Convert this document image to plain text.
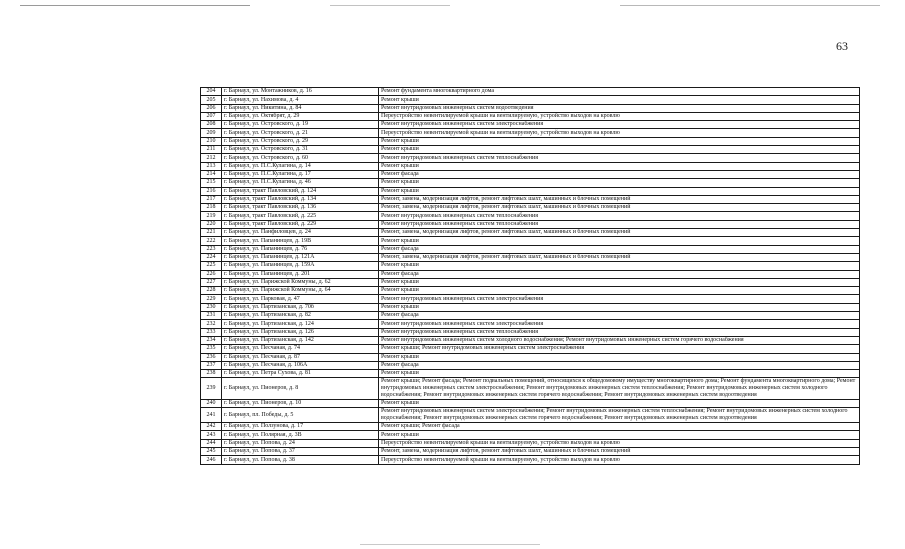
63
204	г. Барнаул, ул. Монтажников, д. 16	Ремонт фундамента многоквартирного дома
205	г. Барнаул, ул. Нахимова, д. 4	Ремонт крыши
206	г. Барнаул, ул. Никитина, д. 84	Ремонт внутридомовых инженерных систем водоотведения
207	г. Барнаул, ул. Октябрят, д. 29	Переустройство невентилируемой крыши на вентилируемую, устройство выходов на кровлю
208	г. Барнаул, ул. Островского, д. 19	Ремонт внутридомовых инженерных систем электроснабжения
209	г. Барнаул, ул. Островского, д. 21	Переустройство невентилируемой крыши на вентилируемую, устройство выходов на кровлю
210	г. Барнаул, ул. Островского, д. 29	Ремонт крыши
211	г. Барнаул, ул. Островского, д. 31	Ремонт крыши
212	г. Барнаул, ул. Островского, д. 60	Ремонт внутридомовых инженерных систем теплоснабжения
213	г. Барнаул, ул. П.С.Кулагина, д. 14	Ремонт крыши
214	г. Барнаул, ул. П.С.Кулагина, д. 17	Ремонт фасада
215	г. Барнаул, ул. П.С.Кулагина, д. 46	Ремонт крыши
216	г. Барнаул, тракт Павловский, д. 124	Ремонт крыши
217	г. Барнаул, тракт Павловский, д. 134	Ремонт, замена, модернизация лифтов, ремонт лифтовых шахт, машинных и блочных помещений
218	г. Барнаул, тракт Павловский, д. 136	Ремонт, замена, модернизация лифтов, ремонт лифтовых шахт, машинных и блочных помещений
219	г. Барнаул, тракт Павловский, д. 225	Ремонт внутридомовых инженерных систем теплоснабжения
220	г. Барнаул, тракт Павловский, д. 229	Ремонт внутридомовых инженерных систем теплоснабжения
221	г. Барнаул, ул. Панфиловцев, д. 24	Ремонт, замена, модернизация лифтов, ремонт лифтовых шахт, машинных и блочных помещений
222	г. Барнаул, ул. Папанинцев, д. 19В	Ремонт крыши
223	г. Барнаул, ул. Папанинцев, д. 76	Ремонт фасада
224	г. Барнаул, ул. Папанинцев, д. 121А	Ремонт, замена, модернизация лифтов, ремонт лифтовых шахт, машинных и блочных помещений
225	г. Барнаул, ул. Папанинцев, д. 159А	Ремонт крыши
226	г. Барнаул, ул. Папанинцев, д. 201	Ремонт фасада
227	г. Барнаул, ул. Парижской Коммуны, д. 62	Ремонт крыши
228	г. Барнаул, ул. Парижской Коммуны, д. 64	Ремонт крыши
229	г. Барнаул, ул. Парковая, д. 47	Ремонт внутридомовых инженерных систем электроснабжения
230	г. Барнаул, ул. Партизанская, д. 70б	Ремонт крыши
231	г. Барнаул, ул. Партизанская, д. 82	Ремонт фасада
232	г. Барнаул, ул. Партизанская, д. 124	Ремонт внутридомовых инженерных систем электроснабжения
233	г. Барнаул, ул. Партизанская, д. 126	Ремонт внутридомовых инженерных систем теплоснабжения
234	г. Барнаул, ул. Партизанская, д. 142	Ремонт внутридомовых инженерных систем холодного водоснабжения; Ремонт внутридомовых инженерных систем горячего водоснабжения
235	г. Барнаул, ул. Песчаная, д. 74	Ремонт крыши; Ремонт внутридомовых инженерных систем электроснабжения
236	г. Барнаул, ул. Песчаная, д. 87	Ремонт крыши
237	г. Барнаул, ул. Песчаная, д. 106А	Ремонт фасада
238	г. Барнаул, ул. Петра Сухова, д. 81	Ремонт крыши
239	г. Барнаул, ул. Пионеров, д. 8	Ремонт крыши; Ремонт фасада; Ремонт подвальных помещений, относящихся к общедомовому имуществу многоквартирного дома; Ремонт фундамента многоквартирного дома; Ремонт внутридомовых инженерных систем электроснабжения; Ремонт внутридомовых инженерных систем теплоснабжения; Ремонт внутридомовых инженерных систем холодного водоснабжения; Ремонт внутридомовых инженерных систем горячего водоснабжения; Ремонт внутридомовых инженерных систем водоотведения
240	г. Барнаул, ул. Пионеров, д. 10	Ремонт крыши
241	г. Барнаул, пл. Победы, д. 5	Ремонт внутридомовых инженерных систем электроснабжения; Ремонт внутридомовых инженерных систем теплоснабжения; Ремонт внутридомовых инженерных систем холодного водоснабжения; Ремонт внутридомовых инженерных систем горячего водоснабжения; Ремонт внутридомовых инженерных систем водоотведения
242	г. Барнаул, ул. Ползунова, д. 17	Ремонт крыши; Ремонт фасада
243	г. Барнаул, ул. Полярная, д. 3В	Ремонт крыши
244	г. Барнаул, ул. Попова, д. 24	Переустройство невентилируемой крыши на вентилируемую, устройство выходов на кровлю
245	г. Барнаул, ул. Попова, д. 37	Ремонт, замена, модернизация лифтов, ремонт лифтовых шахт, машинных и блочных помещений
246	г. Барнаул, ул. Попова, д. 38	Переустройство невентилируемой крыши на вентилируемую, устройство выходов на кровлю
